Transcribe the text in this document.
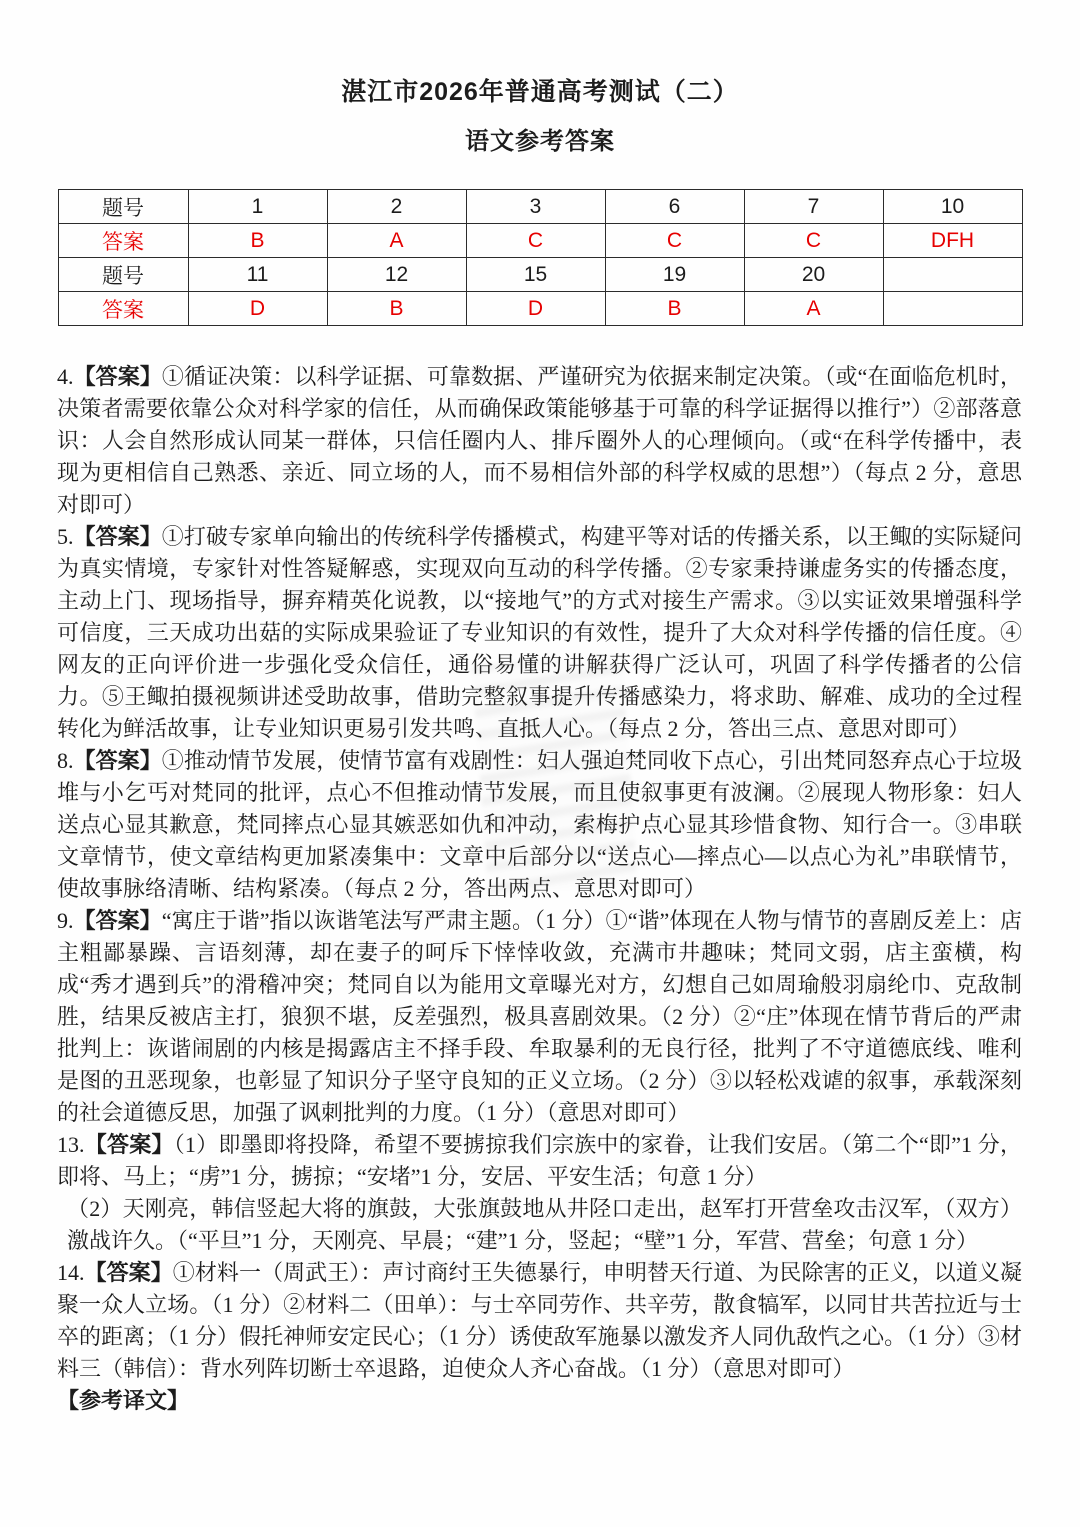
湛江市2026年普通高考测试（二）
语文参考答案
题号	1	2	3	6	7	10
答案	B	A	C	C	C	DFH
题号	11	12	15	19	20	
答案	D	B	D	B	A	

4.【答案】①循证决策：以科学证据、可靠数据、严谨研究为依据来制定决策。（或“在面临危机时，决策者需要依靠公众对科学家的信任，从而确保政策能够基于可靠的科学证据得以推行”）②部落意识：人会自然形成认同某一群体，只信任圈内人、排斥圈外人的心理倾向。（或“在科学传播中，表现为更相信自己熟悉、亲近、同立场的人，而不易相信外部的科学权威的思想”）（每点 2 分，意思对即可）

5.【答案】①打破专家单向输出的传统科学传播模式，构建平等对话的传播关系，以王鲰的实际疑问为真实情境，专家针对性答疑解惑，实现双向互动的科学传播。②专家秉持谦虚务实的传播态度，主动上门、现场指导，摒弃精英化说教，以“接地气”的方式对接生产需求。③以实证效果增强科学可信度，三天成功出菇的实际成果验证了专业知识的有效性，提升了大众对科学传播的信任度。④网友的正向评价进一步强化受众信任，通俗易懂的讲解获得广泛认可，巩固了科学传播者的公信力。⑤王鲰拍摄视频讲述受助故事，借助完整叙事提升传播感染力，将求助、解难、成功的全过程转化为鲜活故事，让专业知识更易引发共鸣、直抵人心。（每点 2 分，答出三点、意思对即可）

8.【答案】①推动情节发展，使情节富有戏剧性：妇人强迫梵同收下点心，引出梵同怒弃点心于垃圾堆与小乞丐对梵同的批评，点心不但推动情节发展，而且使叙事更有波澜。②展现人物形象：妇人送点心显其歉意，梵同摔点心显其嫉恶如仇和冲动，索梅护点心显其珍惜食物、知行合一。③串联文章情节，使文章结构更加紧凑集中：文章中后部分以“送点心—摔点心—以点心为礼”串联情节，使故事脉络清晰、结构紧凑。（每点 2 分，答出两点、意思对即可）

9.【答案】“寓庄于谐”指以诙谐笔法写严肃主题。（1 分）①“谐”体现在人物与情节的喜剧反差上：店主粗鄙暴躁、言语刻薄，却在妻子的呵斥下悻悻收敛，充满市井趣味；梵同文弱，店主蛮横，构成“秀才遇到兵”的滑稽冲突；梵同自以为能用文章曝光对方，幻想自己如周瑜般羽扇纶巾、克敌制胜，结果反被店主打，狼狈不堪，反差强烈，极具喜剧效果。（2 分）②“庄”体现在情节背后的严肃批判上：诙谐闹剧的内核是揭露店主不择手段、牟取暴利的无良行径，批判了不守道德底线、唯利是图的丑恶现象，也彰显了知识分子坚守良知的正义立场。（2 分）③以轻松戏谑的叙事，承载深刻的社会道德反思，加强了讽刺批判的力度。（1 分）（意思对即可）

13.【答案】（1）即墨即将投降，希望不要掳掠我们宗族中的家眷，让我们安居。（第二个“即”1 分，即将、马上；“虏”1 分，掳掠；“安堵”1 分，安居、平安生活；句意 1 分）

（2）天刚亮，韩信竖起大将的旗鼓，大张旗鼓地从井陉口走出，赵军打开营垒攻击汉军，（双方）激战许久。（“平旦”1 分，天刚亮、早晨；“建”1 分，竖起；“壁”1 分，军营、营垒；句意 1 分）

14.【答案】①材料一（周武王）：声讨商纣王失德暴行，申明替天行道、为民除害的正义，以道义凝聚一众人立场。（1 分）②材料二（田单）：与士卒同劳作、共辛劳，散食犒军，以同甘共苦拉近与士卒的距离；（1 分）假托神师安定民心；（1 分）诱使敌军施暴以激发齐人同仇敌忾之心。（1 分）③材料三（韩信）：背水列阵切断士卒退路，迫使众人齐心奋战。（1 分）（意思对即可）

【参考译文】
